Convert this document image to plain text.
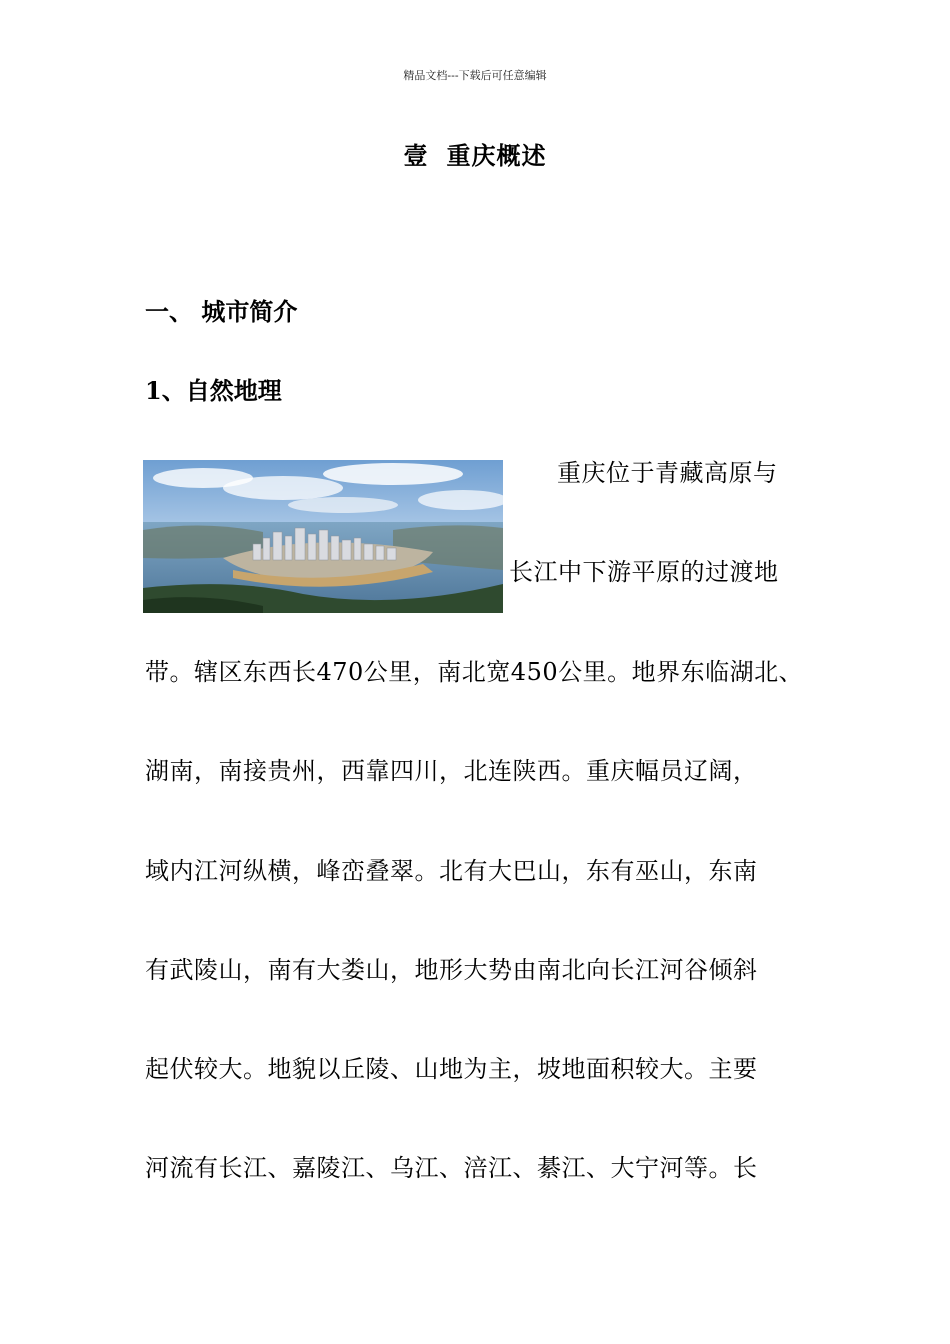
精品文档---下载后可任意编辑
壹 重庆概述
一、 城市简介
1、自然地理
重庆位于青藏高原与
长江中下游平原的过渡地
带。辖区东西长470公里，南北宽450公里。地界东临湖北、
湖南，南接贵州，西靠四川，北连陕西。重庆幅员辽阔，
域内江河纵横，峰峦叠翠。北有大巴山，东有巫山，东南
有武陵山，南有大娄山，地形大势由南北向长江河谷倾斜
起伏较大。地貌以丘陵、山地为主，坡地面积较大。主要
河流有长江、嘉陵江、乌江、涪江、綦江、大宁河等。长
